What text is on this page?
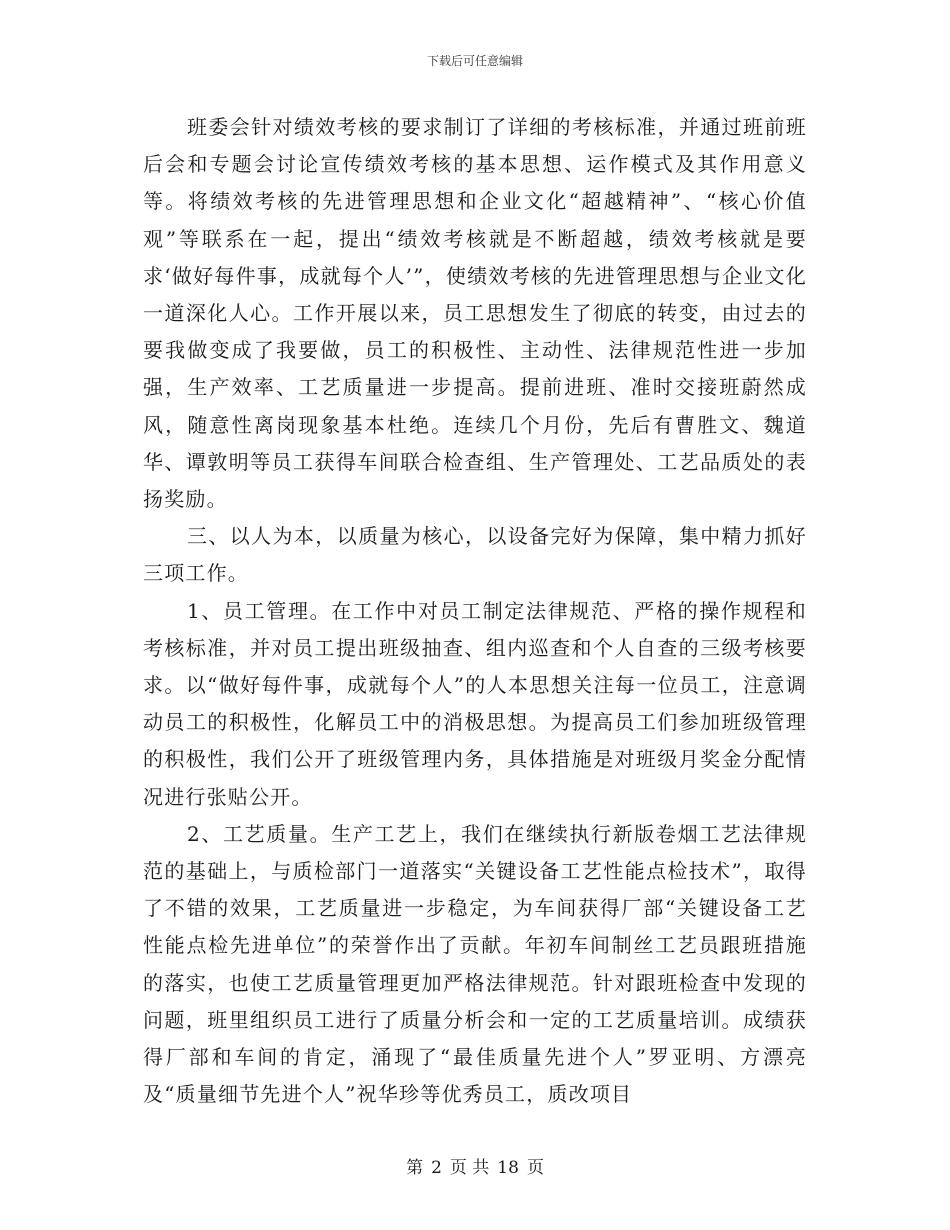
下载后可任意编辑

班委会针对绩效考核的要求制订了详细的考核标准，并通过班前班后会和专题会讨论宣传绩效考核的基本思想、运作模式及其作用意义等。将绩效考核的先进管理思想和企业文化“超越精神”、“核心价值观”等联系在一起，提出“绩效考核就是不断超越，绩效考核就是要求‘做好每件事，成就每个人’”，使绩效考核的先进管理思想与企业文化一道深化人心。工作开展以来，员工思想发生了彻底的转变，由过去的要我做变成了我要做，员工的积极性、主动性、法律规范性进一步加强，生产效率、工艺质量进一步提高。提前进班、准时交接班蔚然成风，随意性离岗现象基本杜绝。连续几个月份，先后有曹胜文、魏道华、谭敦明等员工获得车间联合检查组、生产管理处、工艺品质处的表扬奖励。

三、以人为本，以质量为核心，以设备完好为保障，集中精力抓好三项工作。

1、员工管理。在工作中对员工制定法律规范、严格的操作规程和考核标准，并对员工提出班级抽查、组内巡查和个人自查的三级考核要求。以“做好每件事，成就每个人”的人本思想关注每一位员工，注意调动员工的积极性，化解员工中的消极思想。为提高员工们参加班级管理的积极性，我们公开了班级管理内务，具体措施是对班级月奖金分配情况进行张贴公开。

2、工艺质量。生产工艺上，我们在继续执行新版卷烟工艺法律规范的基础上，与质检部门一道落实“关键设备工艺性能点检技术”，取得了不错的效果，工艺质量进一步稳定，为车间获得厂部“关键设备工艺性能点检先进单位”的荣誉作出了贡献。年初车间制丝工艺员跟班措施的落实，也使工艺质量管理更加严格法律规范。针对跟班检查中发现的问题，班里组织员工进行了质量分析会和一定的工艺质量培训。成绩获得厂部和车间的肯定，涌现了“最佳质量先进个人”罗亚明、方漂亮及“质量细节先进个人”祝华珍等优秀员工，质改项目

第 2 页 共 18 页
